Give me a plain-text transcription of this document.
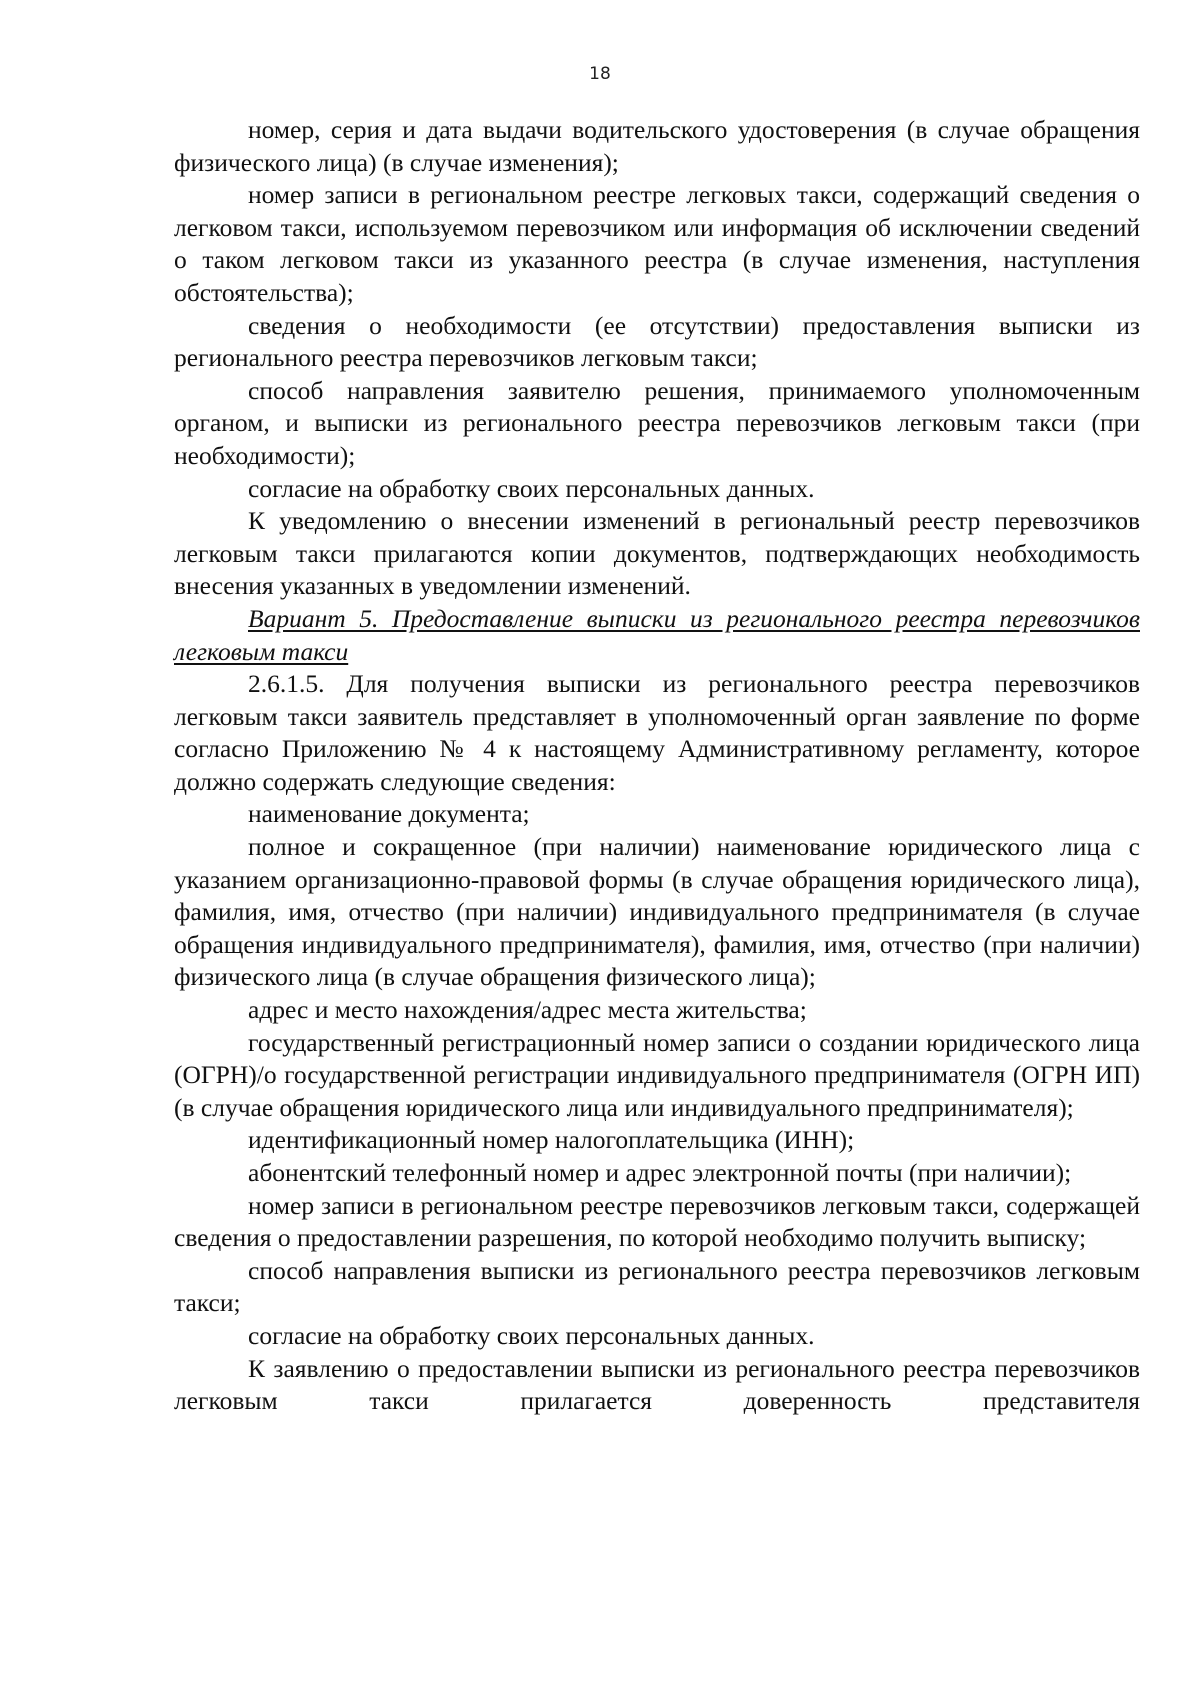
18

номер, серия и дата выдачи водительского удостоверения (в случае обращения физического лица) (в случае изменения);

номер записи в региональном реестре легковых такси, содержащий сведения о легковом такси, используемом перевозчиком или информация об исключении сведений о таком легковом такси из указанного реестра (в случае изменения, наступления обстоятельства);

сведения о необходимости (ее отсутствии) предоставления выписки из регионального реестра перевозчиков легковым такси;

способ направления заявителю решения, принимаемого уполномоченным органом, и выписки из регионального реестра перевозчиков легковым такси (при необходимости);

согласие на обработку своих персональных данных.

К уведомлению о внесении изменений в региональный реестр перевозчиков легковым такси прилагаются копии документов, подтверждающих необходимость внесения указанных в уведомлении изменений.

Вариант 5. Предоставление выписки из регионального реестра перевозчиков легковым такси

2.6.1.5. Для получения выписки из регионального реестра перевозчиков легковым такси заявитель представляет в уполномоченный орган заявление по форме согласно Приложению № 4 к настоящему Административному регламенту, которое должно содержать следующие сведения:

наименование документа;

полное и сокращенное (при наличии) наименование юридического лица с указанием организационно-правовой формы (в случае обращения юридического лица), фамилия, имя, отчество (при наличии) индивидуального предпринимателя (в случае обращения индивидуального предпринимателя), фамилия, имя, отчество (при наличии) физического лица (в случае обращения физического лица);

адрес и место нахождения/адрес места жительства;

государственный регистрационный номер записи о создании юридического лица (ОГРН)/о государственной регистрации индивидуального предпринимателя (ОГРН ИП) (в случае обращения юридического лица или индивидуального предпринимателя);

идентификационный номер налогоплательщика (ИНН);

абонентский телефонный номер и адрес электронной почты (при наличии);

номер записи в региональном реестре перевозчиков легковым такси, содержащей сведения о предоставлении разрешения, по которой необходимо получить выписку;

способ направления выписки из регионального реестра перевозчиков легковым такси;

согласие на обработку своих персональных данных.

К заявлению о предоставлении выписки из регионального реестра перевозчиков легковым такси прилагается доверенность представителя
